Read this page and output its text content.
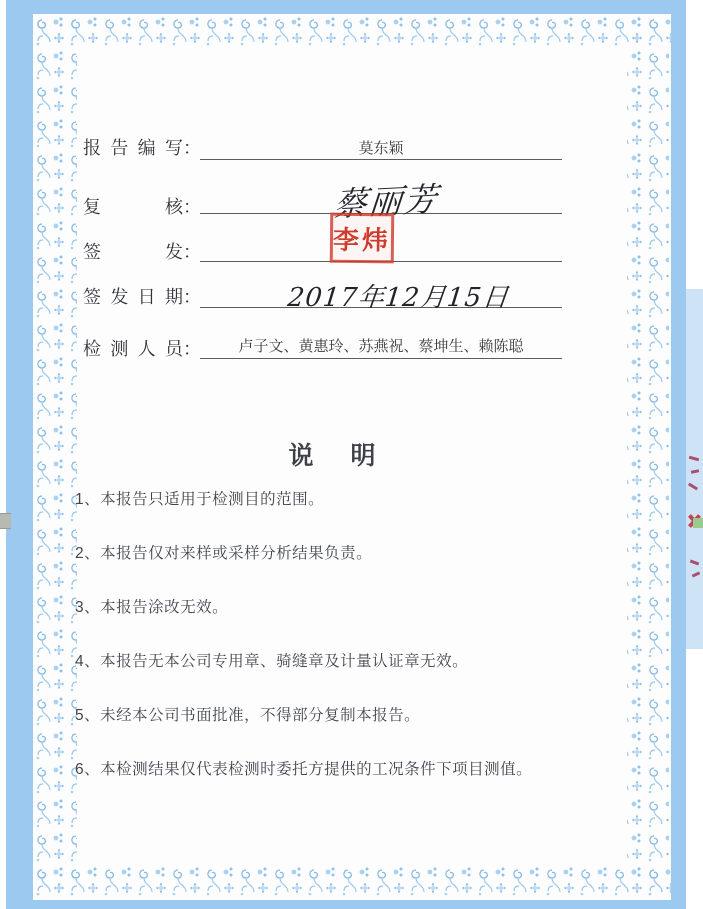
报告编写：
复核：
签发：
签发日期：
检测人员：
莫东颖
卢子文、黄惠玲、苏燕祝、蔡坤生、赖陈聪
蔡丽芳
李炜
2017年12月15日
说　明
1、本报告只适用于检测目的范围。
2、本报告仅对来样或采样分析结果负责。
3、本报告涂改无效。
4、本报告无本公司专用章、骑缝章及计量认证章无效。
5、未经本公司书面批准，不得部分复制本报告。
6、本检测结果仅代表检测时委托方提供的工况条件下项目测值。
